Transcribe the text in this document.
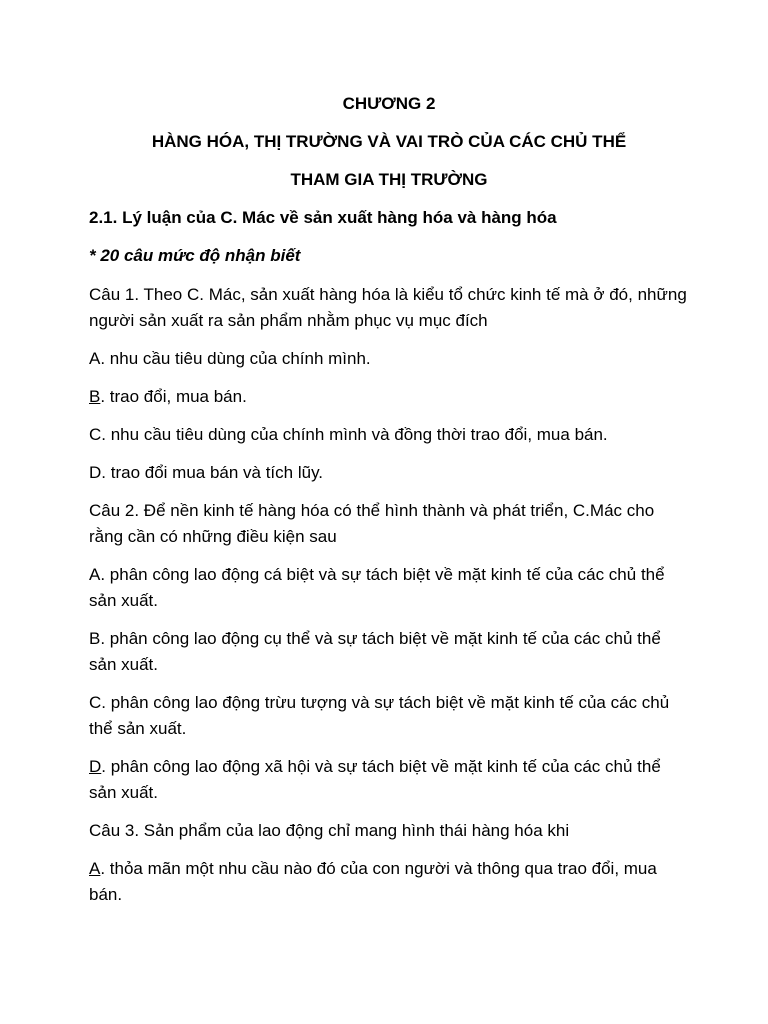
CHƯƠNG 2
HÀNG HÓA, THỊ TRƯỜNG VÀ VAI TRÒ CỦA CÁC CHỦ THỂ
THAM GIA THỊ TRƯỜNG
2.1. Lý luận của C. Mác về sản xuất hàng hóa và hàng hóa
* 20 câu mức độ nhận biết
Câu 1. Theo C. Mác, sản xuất hàng hóa là kiểu tổ chức kinh tế mà ở đó, những người sản xuất ra sản phẩm nhằm phục vụ mục đích
A. nhu cầu tiêu dùng của chính mình.
B. trao đổi, mua bán.
C. nhu cầu tiêu dùng của chính mình và đồng thời trao đổi, mua bán.
D. trao đổi mua bán và tích lũy.
Câu 2. Để nền kinh tế hàng hóa có thể hình thành và phát triển, C.Mác cho rằng cần có những điều kiện sau
A. phân công lao động cá biệt và sự tách biệt về mặt kinh tế của các chủ thể sản xuất.
B. phân công lao động cụ thể và sự tách biệt về mặt kinh tế của các chủ thể sản xuất.
C. phân công lao động trừu tượng và sự tách biệt về mặt kinh tế của các chủ thể sản xuất.
D. phân công lao động xã hội và sự tách biệt về mặt kinh tế của các chủ thể sản xuất.
Câu 3. Sản phẩm của lao động chỉ mang hình thái hàng hóa khi
A. thỏa mãn một nhu cầu nào đó của con người và thông qua trao đổi, mua bán.
